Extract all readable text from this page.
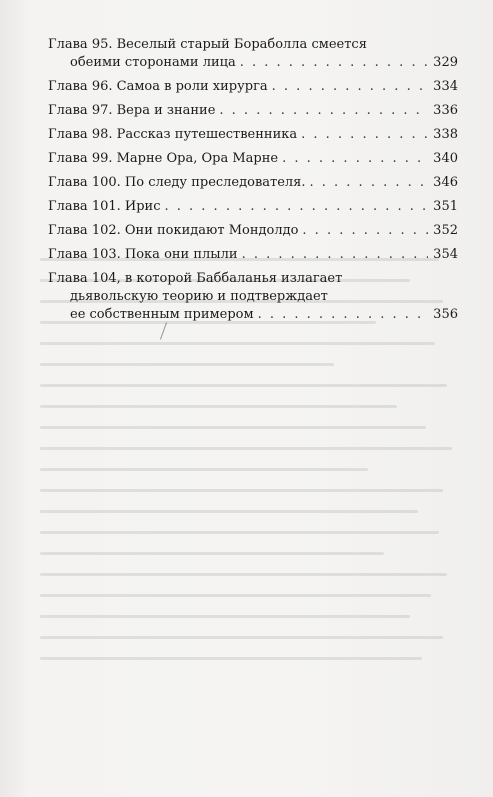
Глава 95. Веселый старый Бораболла смеется
обеими сторонами лица . . .	329
Глава 96. Самоа в роли хирурга . . .	334
Глава 97. Вера и знание . . .	336
Глава 98. Рассказ путешественника . . .	338
Глава 99. Марне Ора, Ора Марне . . .	340
Глава 100. По следу преследователя. . . .	346
Глава 101. Ирис . . .	351
Глава 102. Они покидают Мондолдо . . .	352
Глава 103. Пока они плыли . . .	354
Глава 104, в которой Баббаланья излагает
дьявольскую теорию и подтверждает
ее собственным примером . . .	356
